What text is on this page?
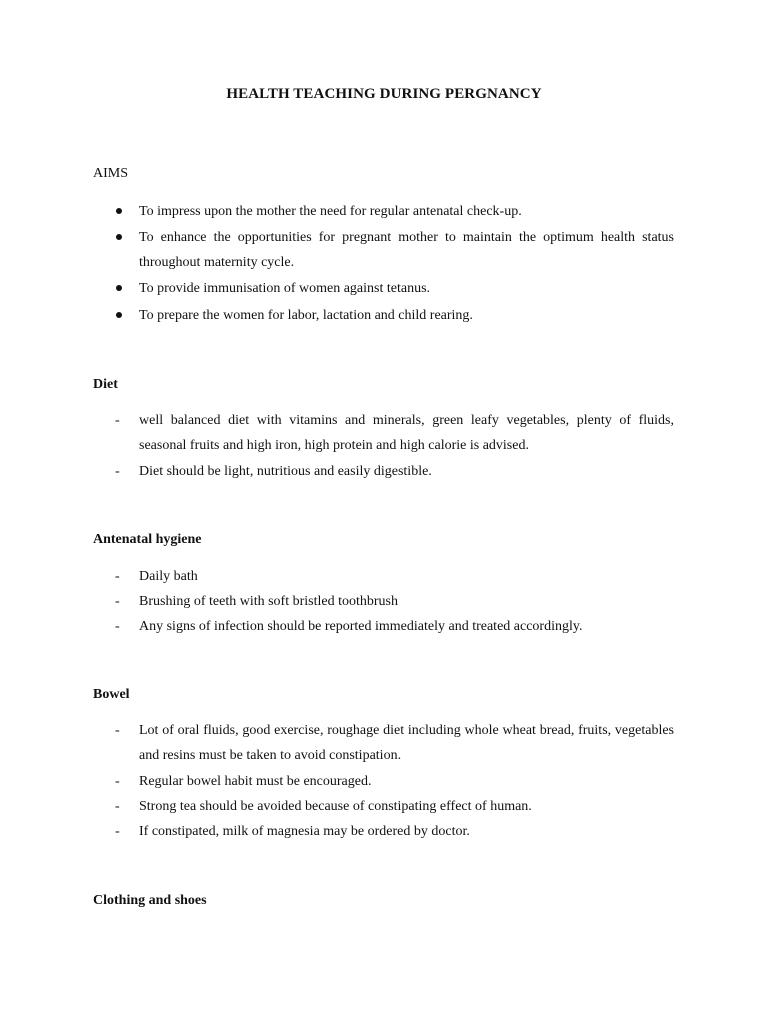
HEALTH TEACHING DURING PERGNANCY
AIMS
To impress upon the mother the need for regular antenatal check-up.
To enhance the opportunities for pregnant mother to maintain the optimum health status throughout maternity cycle.
To provide immunisation of women against tetanus.
To prepare the women for labor, lactation and child rearing.
Diet
-	well balanced diet with vitamins and minerals, green leafy vegetables, plenty of fluids, seasonal fruits and high iron, high protein and high calorie is advised.
-	Diet should be light, nutritious and easily digestible.
Antenatal hygiene
-	Daily bath
-	Brushing of teeth with soft bristled toothbrush
-	Any signs of infection should be reported immediately and treated accordingly.
Bowel
-	Lot of oral fluids, good exercise, roughage diet including whole wheat bread, fruits, vegetables and resins must be taken to avoid constipation.
-	Regular bowel habit must be encouraged.
-	Strong tea should be avoided because of constipating effect of human.
-	If constipated, milk of magnesia may be ordered by doctor.
Clothing and shoes
